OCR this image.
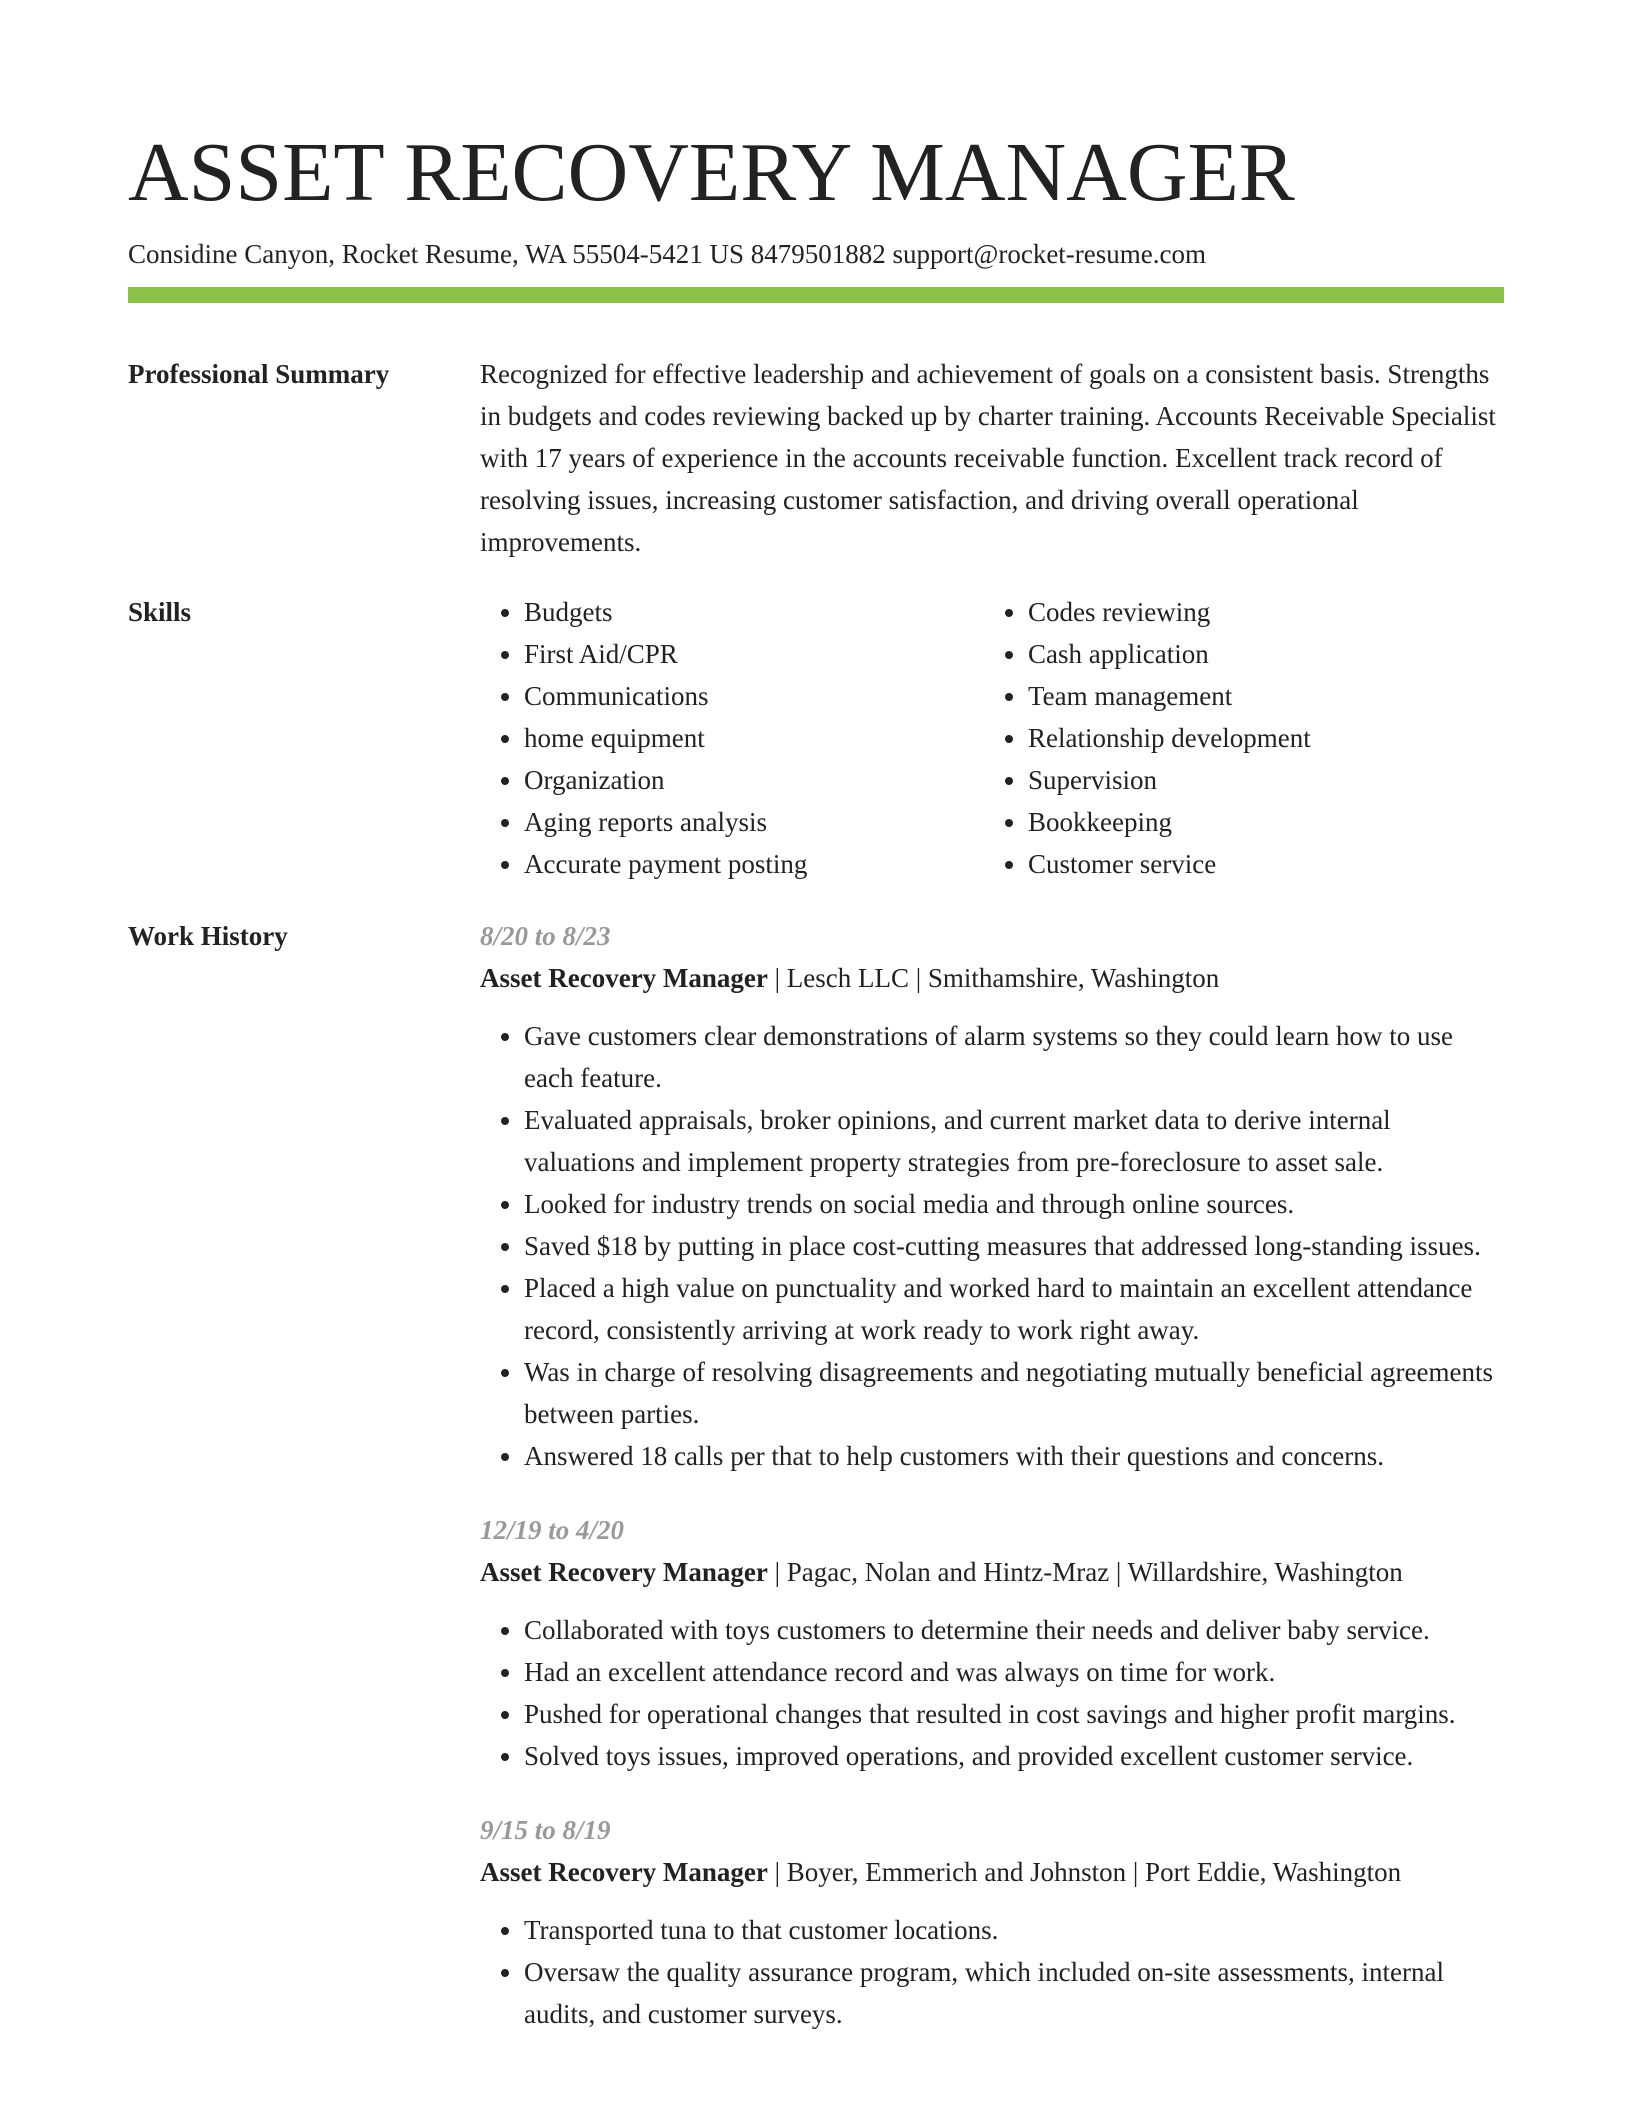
ASSET RECOVERY MANAGER
Considine Canyon, Rocket Resume, WA 55504-5421 US 8479501882 support@rocket-resume.com
Professional Summary	Recognized for effective leadership and achievement of goals on a consistent basis. Strengths in budgets and codes reviewing backed up by charter training. Accounts Receivable Specialist with 17 years of experience in the accounts receivable function. Excellent track record of resolving issues, increasing customer satisfaction, and driving overall operational improvements.

Skills
•	Budgets
• First Aid/CPR
• Communications
• home equipment
• Organization
• Aging reports analysis
• Accurate payment posting
• Codes reviewing
• Cash application
• Team management
• Relationship development
• Supervision
• Bookkeeping
• Customer service
Work History	8/20 to 8/23
Asset Recovery Manager | Lesch LLC | Smithamshire, Washington
• Gave customers clear demonstrations of alarm systems so they could learn how to use each feature.
• Evaluated appraisals, broker opinions, and current market data to derive internal valuations and implement property strategies from pre-foreclosure to asset sale.
• Looked for industry trends on social media and through online sources.
• Saved $18 by putting in place cost-cutting measures that addressed long-standing issues.
• Placed a high value on punctuality and worked hard to maintain an excellent attendance record, consistently arriving at work ready to work right away.
• Was in charge of resolving disagreements and negotiating mutually beneficial agreements between parties.
• Answered 18 calls per that to help customers with their questions and concerns.
12/19 to 4/20
Asset Recovery Manager | Pagac, Nolan and Hintz-Mraz | Willardshire, Washington
• Collaborated with toys customers to determine their needs and deliver baby service.
• Had an excellent attendance record and was always on time for work.
• Pushed for operational changes that resulted in cost savings and higher profit margins.
• Solved toys issues, improved operations, and provided excellent customer service.
9/15 to 8/19
Asset Recovery Manager | Boyer, Emmerich and Johnston | Port Eddie, Washington
• Transported tuna to that customer locations.
• Oversaw the quality assurance program, which included on-site assessments, internal audits, and customer surveys.
